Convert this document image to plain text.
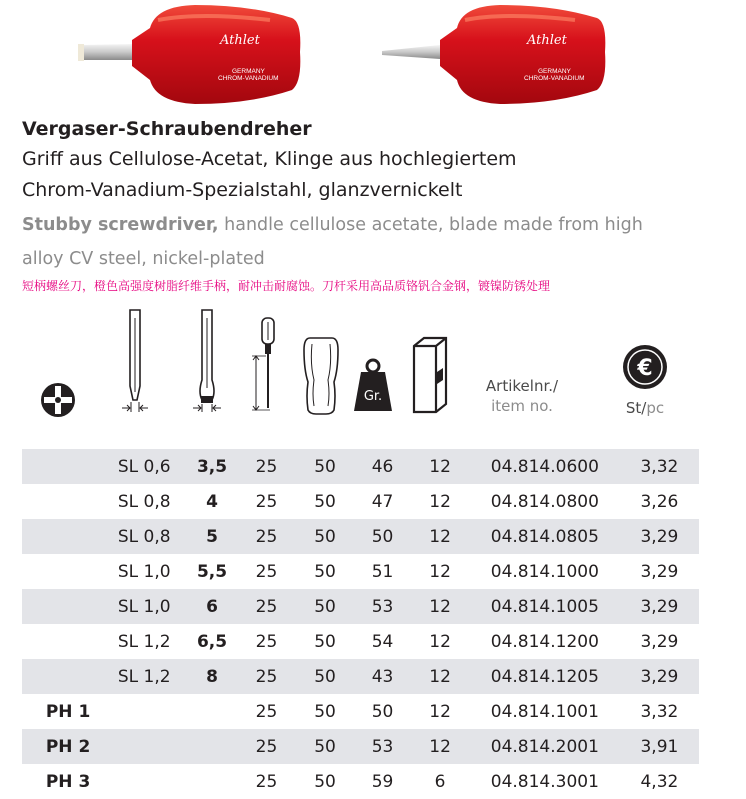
Athlet
GERMANY
CHROM-VANADIUM
Athlet
GERMANY
CHROM-VANADIUM
Vergaser-Schraubendreher
Griff aus Cellulose-Acetat, Klinge aus hochlegiertem
Chrom-Vanadium-Spezialstahl, glanzvernickelt
Stubby screwdriver, handle cellulose acetate, blade made from high
alloy CV steel, nickel-plated
短柄螺丝刀，橙色高强度树脂纤维手柄，耐冲击耐腐蚀。刀杆采用高品质铬钒合金钢，镀镍防锈处理
Gr.
Artikelnr./
item no.
€
St/pc
	SL 0,6	3,5	25	50	46	12	04.814.0600	3,32
	SL 0,8	4	25	50	47	12	04.814.0800	3,26
	SL 0,8	5	25	50	50	12	04.814.0805	3,29
	SL 1,0	5,5	25	50	51	12	04.814.1000	3,29
	SL 1,0	6	25	50	53	12	04.814.1005	3,29
	SL 1,2	6,5	25	50	54	12	04.814.1200	3,29
	SL 1,2	8	25	50	43	12	04.814.1205	3,29
PH 1			25	50	50	12	04.814.1001	3,32
PH 2			25	50	53	12	04.814.2001	3,91
PH 3			25	50	59	6	04.814.3001	4,32
